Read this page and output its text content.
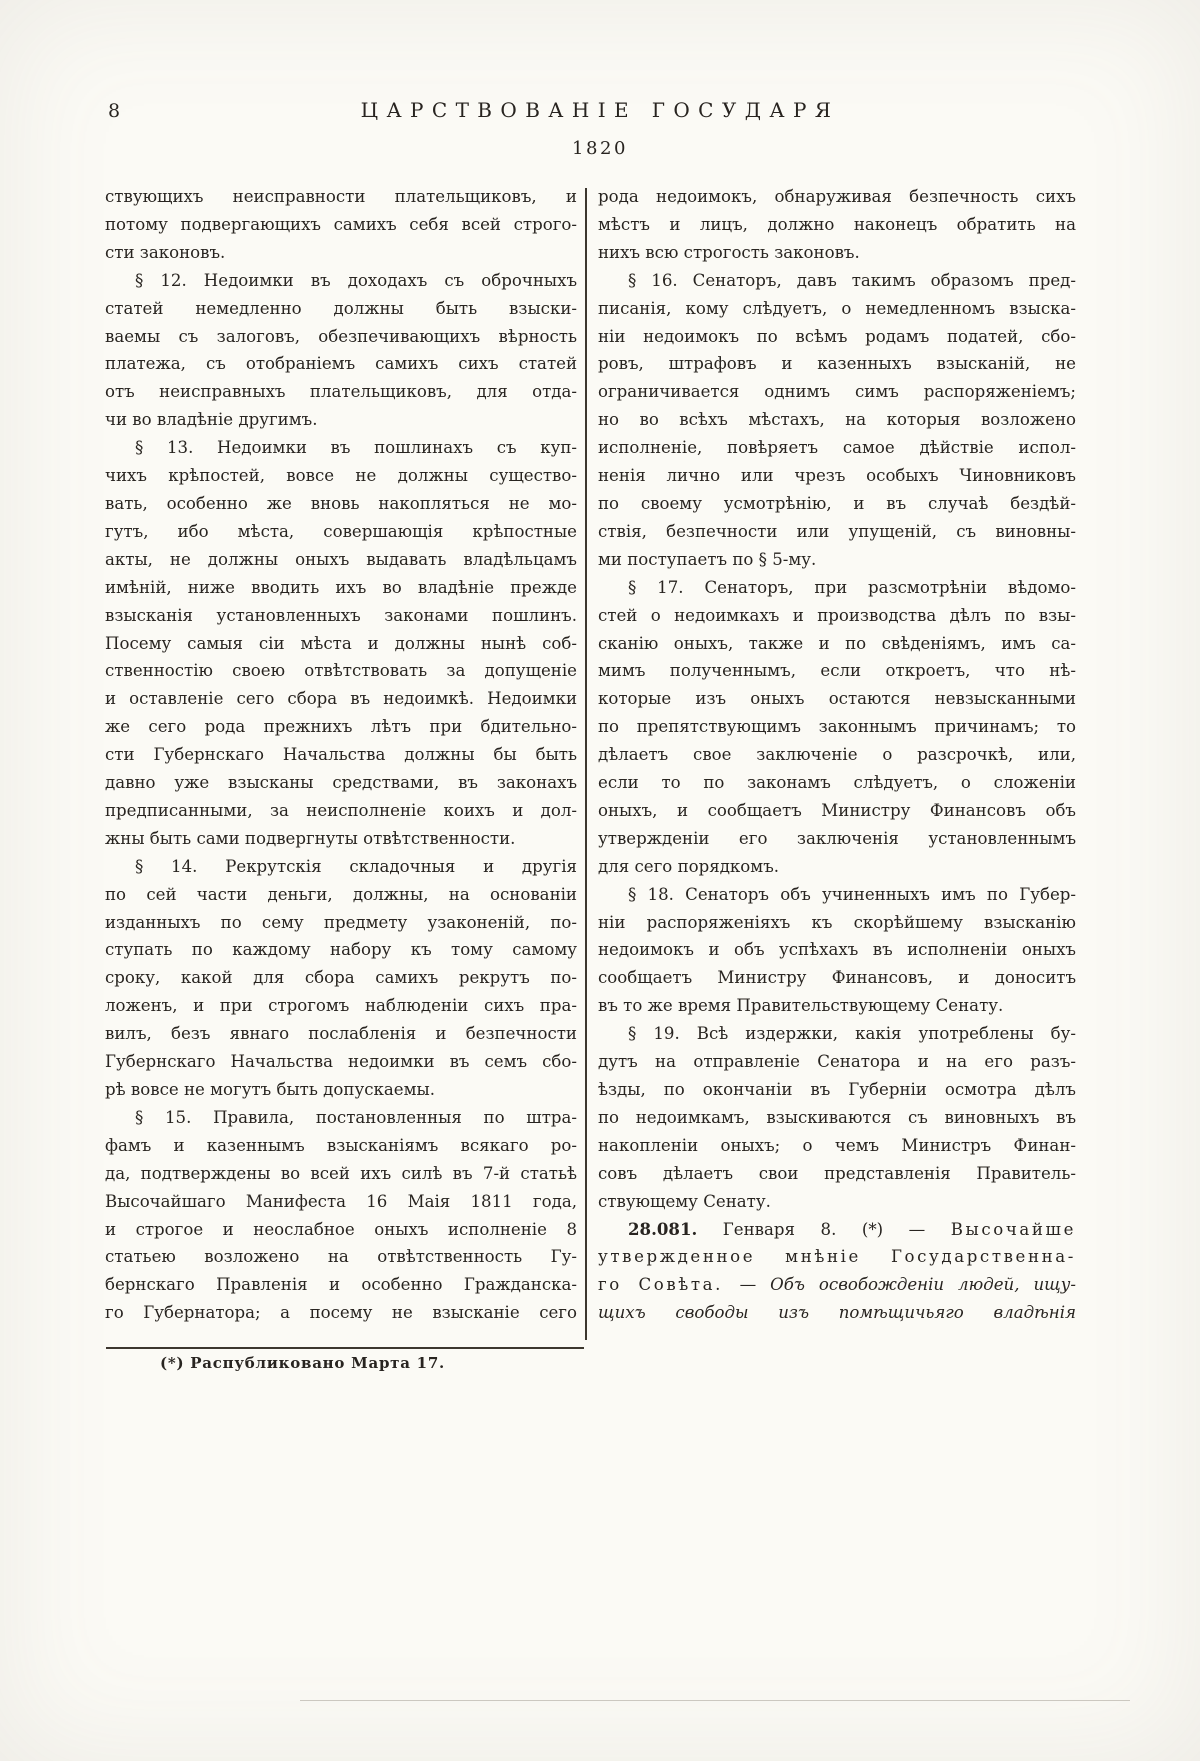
8	ЦАРСТВОВАНІЕ ГОСУДАРЯ
1820
ствующихъ неисправности плательщиковъ, и
потому подвергающихъ самихъ себя всей строго-
сти законовъ.
§ 12. Недоимки въ доходахъ съ оброчныхъ
статей немедленно должны быть взыски-
ваемы съ залоговъ, обезпечивающихъ вѣрность
платежа, съ отобраніемъ самихъ сихъ статей
отъ неисправныхъ плательщиковъ, для отда-
чи во владѣніе другимъ.
§ 13. Недоимки въ пошлинахъ съ куп-
чихъ крѣпостей, вовсе не должны существо-
вать, особенно же вновь накопляться не мо-
гутъ, ибо мѣста, совершающія крѣпостные
акты, не должны оныхъ выдавать владѣльцамъ
имѣній, ниже вводить ихъ во владѣніе прежде
взысканія установленныхъ законами пошлинъ.
Посему самыя сіи мѣста и должны нынѣ соб-
ственностію своею отвѣтствовать за допущеніе
и оставленіе сего сбора въ недоимкѣ. Недоимки
же сего рода прежнихъ лѣтъ при бдительно-
сти Губернскаго Начальства должны бы быть
давно уже взысканы средствами, въ законахъ
предписанными, за неисполненіе коихъ и дол-
жны быть сами подвергнуты отвѣтственности.
§ 14. Рекрутскія складочныя и другія
по сей части деньги, должны, на основаніи
изданныхъ по сему предмету узаконеній, по-
ступать по каждому набору къ тому самому
сроку, какой для сбора самихъ рекрутъ по-
ложенъ, и при строгомъ наблюденіи сихъ пра-
вилъ, безъ явнаго послабленія и безпечности
Губернскаго Начальства недоимки въ семъ сбо-
рѣ вовсе не могутъ быть допускаемы.
§ 15. Правила, постановленныя по штра-
фамъ и казеннымъ взысканіямъ всякаго ро-
да, подтверждены во всей ихъ силѣ въ 7-й статьѣ
Высочайшаго Манифеста 16 Маія 1811 года,
и строгое и неослабное оныхъ исполненіе 8
статьею возложено на отвѣтственность Гу-
бернскаго Правленія и особенно Гражданска-
го Губернатора; а посему не взысканіе сего
рода недоимокъ, обнаруживая безпечность сихъ
мѣстъ и лицъ, должно наконецъ обратить на
нихъ всю строгость законовъ.
§ 16. Сенаторъ, давъ такимъ образомъ пред-
писанія, кому слѣдуетъ, о немедленномъ взыска-
ніи недоимокъ по всѣмъ родамъ податей, сбо-
ровъ, штрафовъ и казенныхъ взысканій, не
ограничивается однимъ симъ распоряженіемъ;
но во всѣхъ мѣстахъ, на которыя возложено
исполненіе, повѣряетъ самое дѣйствіе испол-
ненія лично или чрезъ особыхъ Чиновниковъ
по своему усмотрѣнію, и въ случаѣ бездѣй-
ствія, безпечности или упущеній, съ виновны-
ми поступаетъ по § 5-му.
§ 17. Сенаторъ, при разсмотрѣніи вѣдомо-
стей о недоимкахъ и производства дѣлъ по взы-
сканію оныхъ, также и по свѣденіямъ, имъ са-
мимъ полученнымъ, если откроетъ, что нѣ-
которые изъ оныхъ остаются невзысканными
по препятствующимъ законнымъ причинамъ; то
дѣлаетъ свое заключеніе о разсрочкѣ, или,
если то по законамъ слѣдуетъ, о сложеніи
оныхъ, и сообщаетъ Министру Финансовъ объ
утвержденіи его заключенія установленнымъ
для сего порядкомъ.
§ 18. Сенаторъ объ учиненныхъ имъ по Губер-
ніи распоряженіяхъ къ скорѣйшему взысканію
недоимокъ и объ успѣхахъ въ исполненіи оныхъ
сообщаетъ Министру Финансовъ, и доноситъ
въ то же время Правительствующему Сенату.
§ 19. Всѣ издержки, какія употреблены бу-
дутъ на отправленіе Сенатора и на его разъ-
ѣзды, по окончаніи въ Губерніи осмотра дѣлъ
по недоимкамъ, взыскиваются съ виновныхъ въ
накопленіи оныхъ; о чемъ Министръ Финан-
совъ дѣлаетъ свои представленія Правитель-
ствующему Сенату.
28.081. Генваря 8. (*) — Высочайше
утвержденное мнѣніе Государственна-
го Совѣта. — Объ освобожденіи людей, ищу-
щихъ свободы изъ помѣщичьяго владѣнія
(*) Распубликовано Марта 17.
